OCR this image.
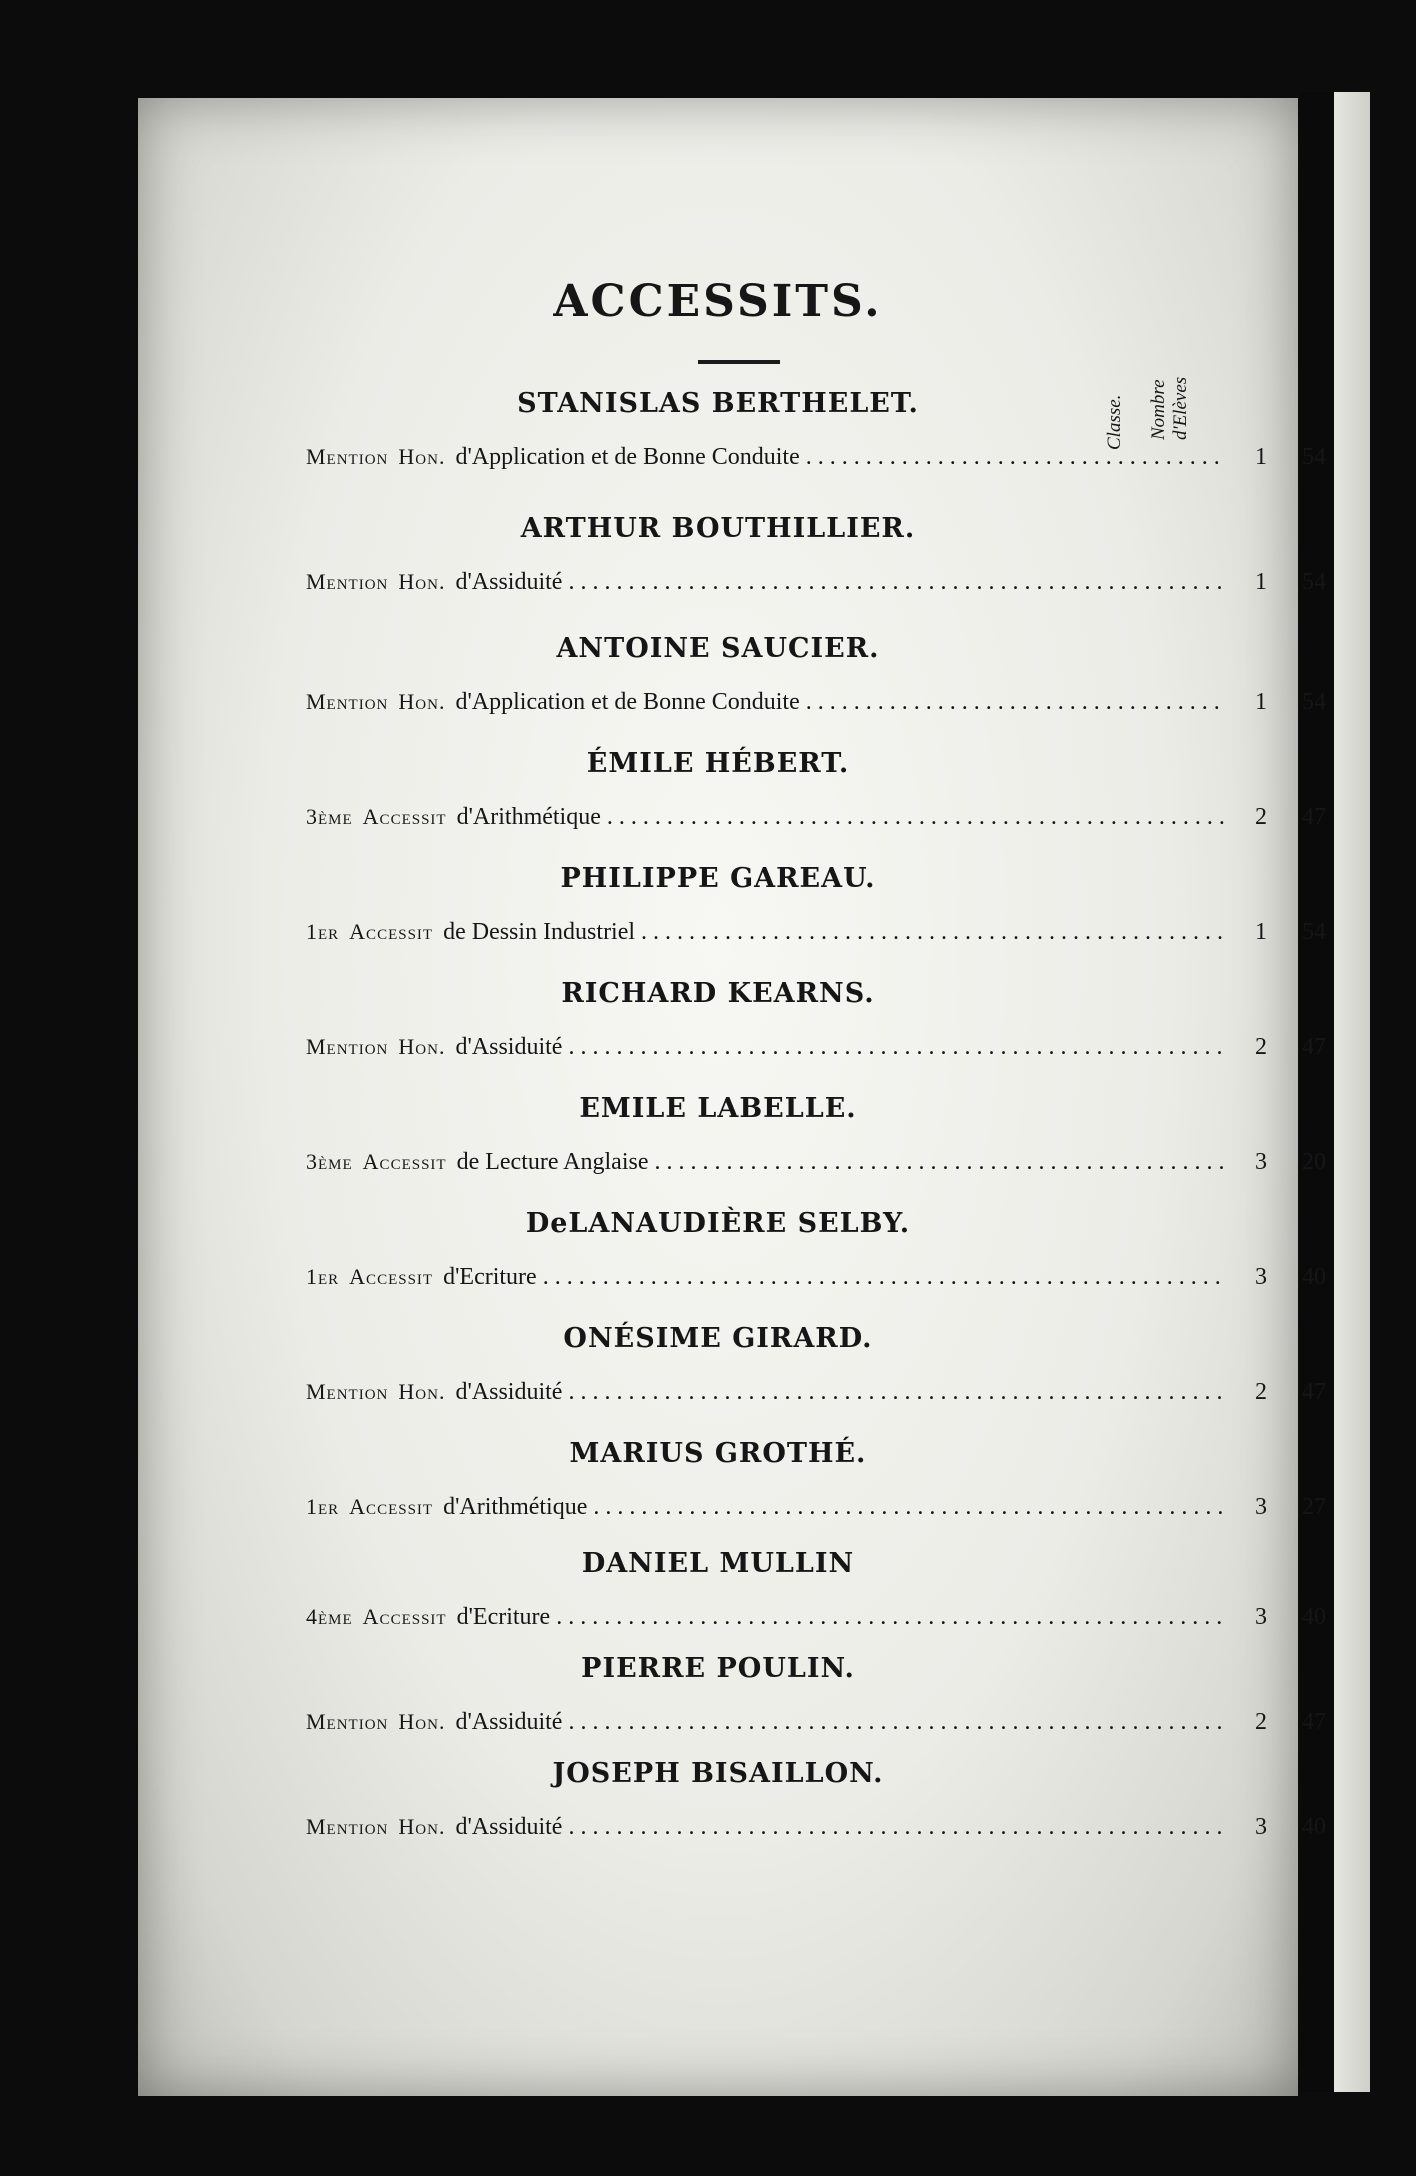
ACCESSITS.
Classe. Nombre d'Elèves
STANISLAS BERTHELET.
Mention Hon. d'Application et de Bonne Conduite . . .	1	54
ARTHUR BOUTHILLIER.
Mention Hon. d'Assiduité . . .	1	54
ANTOINE SAUCIER.
Mention Hon. d'Application et de Bonne Conduite . . .	1	54
ÉMILE HÉBERT.
3ème Accessit d'Arithmétique . . .	2	47
PHILIPPE GAREAU.
1er Accessit de Dessin Industriel . . .	1	54
RICHARD KEARNS.
Mention Hon. d'Assiduité . . .	2	47
EMILE LABELLE.
3ème Accessit de Lecture Anglaise . . .	3	20
DeLANAUDIÈRE SELBY.
1er Accessit d'Ecriture . . .	3	40
ONÉSIME GIRARD.
Mention Hon. d'Assiduité . . .	2	47
MARIUS GROTHÉ.
1er Accessit d'Arithmétique . . .	3	27
DANIEL MULLIN
4ème Accessit d'Ecriture . . .	3	40
PIERRE POULIN.
Mention Hon. d'Assiduité . . .	2	47
JOSEPH BISAILLON.
Mention Hon. d'Assiduité . . .	3	40
